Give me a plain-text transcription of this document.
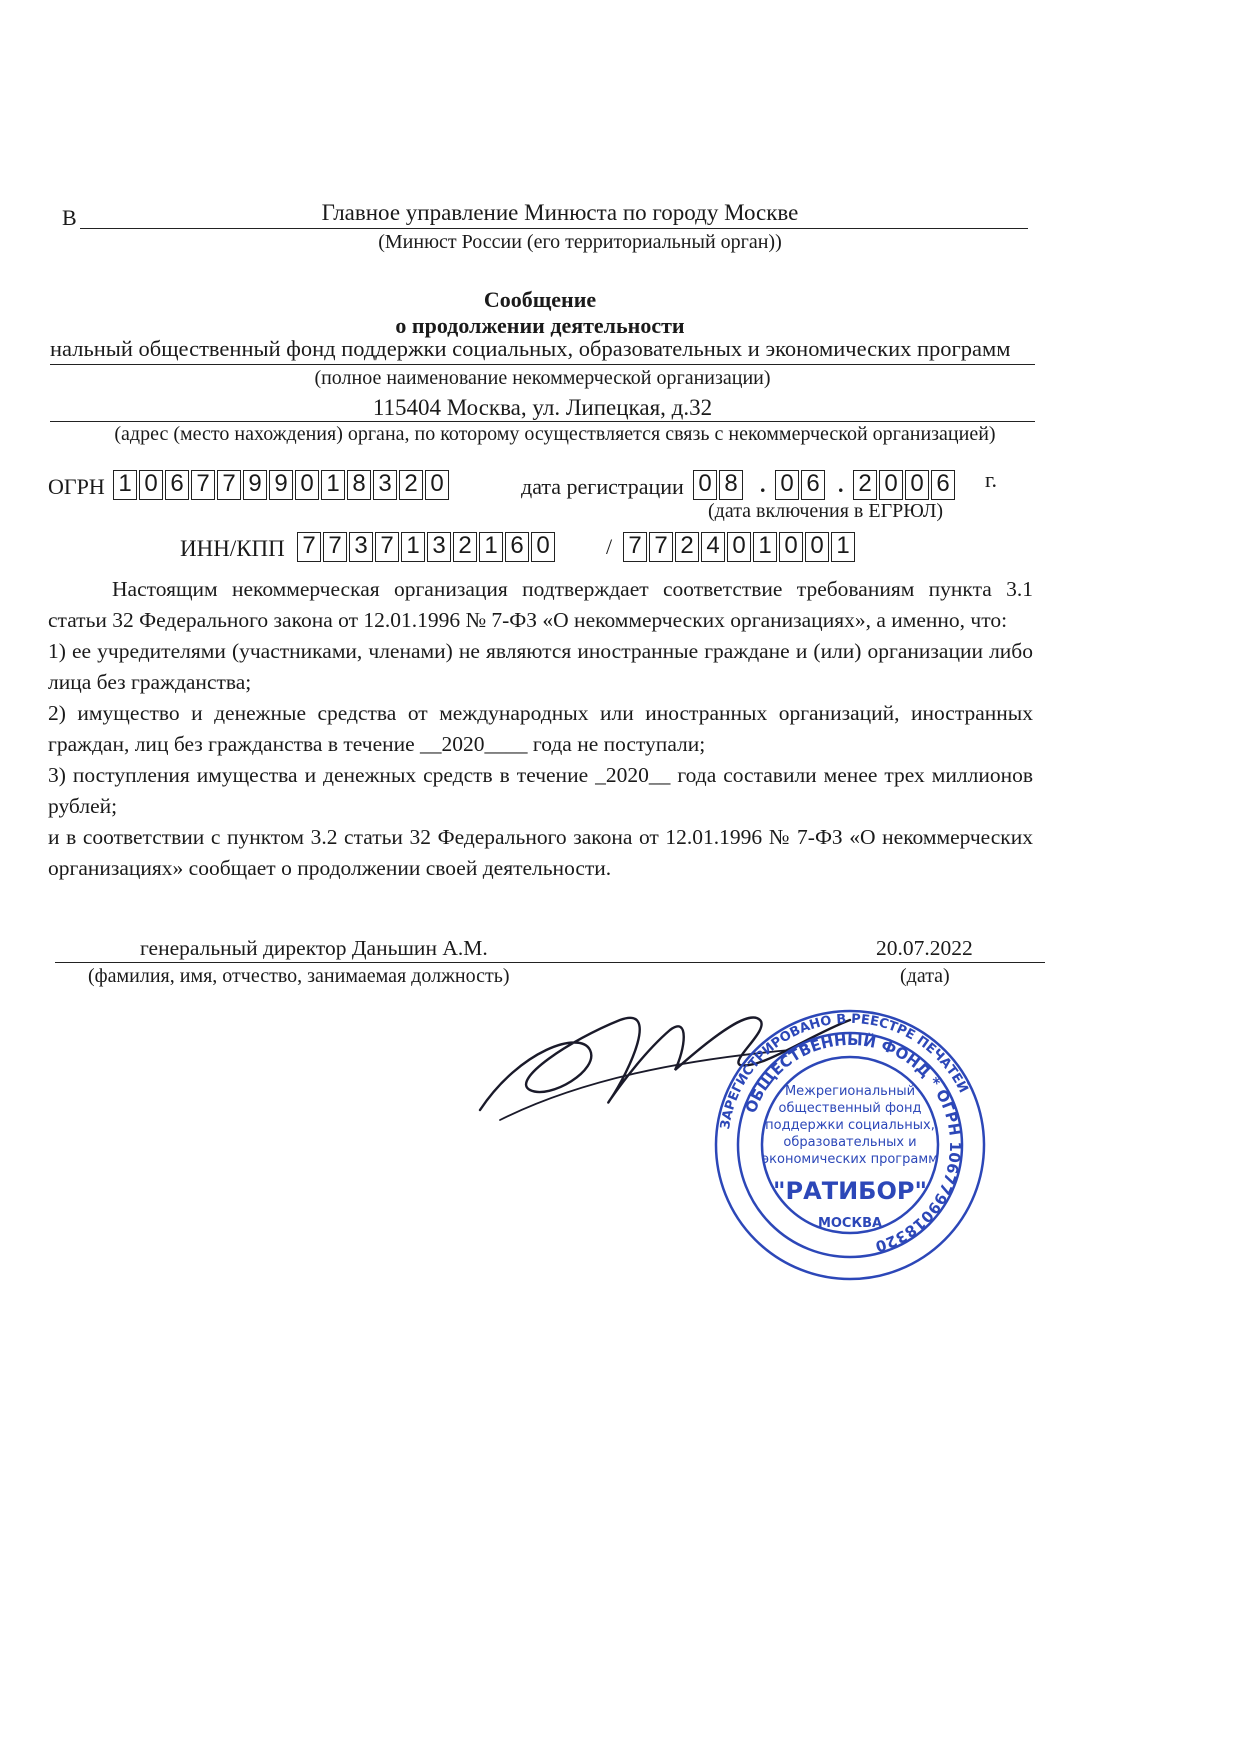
В	Главное управление Минюста по городу Москве
(Минюст России (его территориальный орган))
Сообщение
о продолжении деятельности
нальный общественный фонд поддержки социальных, образовательных и экономических программ
(полное наименование некоммерческой организации)
115404 Москва, ул. Липецкая, д.32
(адрес (место нахождения) органа, по которому осуществляется связь с некоммерческой организацией)
ОГРН 1 0 6 7 7 9 9 0 1 8 3 2 0	дата регистрации 0 8 . 0 6 . 2 0 0 6 г.
(дата включения в ЕГРЮЛ)
ИНН/КПП 7 7 3 7 1 3 2 1 6 0	/ 7 7 2 4 0 1 0 0 1

Настоящим некоммерческая организация подтверждает соответствие требованиям пункта 3.1 статьи 32 Федерального закона от 12.01.1996 № 7-ФЗ «О некоммерческих организациях», а именно, что:

1) ее учредителями (участниками, членами) не являются иностранные граждане и (или) организации либо лица без гражданства;

2) имущество и денежные средства от международных или иностранных организаций, иностранных граждан, лиц без гражданства в течение __2020____ года не поступали;

3) поступления имущества и денежных средств в течение _2020__ года составили менее трех миллионов рублей;

и в соответствии с пунктом 3.2 статьи 32 Федерального закона от 12.01.1996 № 7-ФЗ «О некоммерческих организациях» сообщает о продолжении своей деятельности.

генеральный директор Даньшин А.М.	20.07.2022
(фамилия, имя, отчество, занимаемая должность)	(дата)
ЗАРЕГИСТРИРОВАНО В РЕЕСТРЕ ПЕЧАТЕЙ
ОБЩЕСТВЕННЫЙ ФОНД * ОГРН 1067799018320
Межрегиональный
общественный фонд
поддержки социальных,
образовательных и
экономических программ
"РАТИБОР"
МОСКВА
